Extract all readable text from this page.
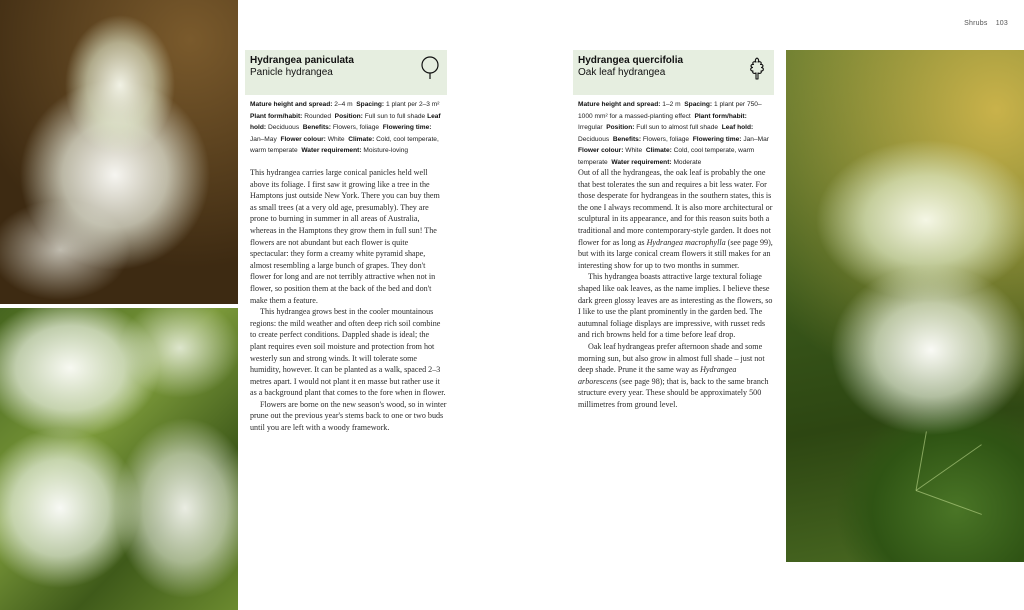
Shrubs 103
Hydrangea paniculata
Panicle hydrangea
Mature height and spread: 2–4 m Spacing: 1 plant per 2–3 m² Plant form/habit: Rounded Position: Full sun to full shade Leaf hold: Deciduous Benefits: Flowers, foliage Flowering time: Jan–May Flower colour: White Climate: Cold, cool temperate, warm temperate Water requirement: Moisture-loving

This hydrangea carries large conical panicles held well above its foliage. I first saw it growing like a tree in the Hamptons just outside New York. There you can buy them as small trees (at a very old age, presumably). They are prone to burning in summer in all areas of Australia, whereas in the Hamptons they grow them in full sun! The flowers are not abundant but each flower is quite spectacular: they form a creamy white pyramid shape, almost resembling a large bunch of grapes. They don't flower for long and are not terribly attractive when not in flower, so position them at the back of the bed and don't make them a feature.

This hydrangea grows best in the cooler mountainous regions: the mild weather and often deep rich soil combine to create perfect conditions. Dappled shade is ideal; the plant requires even soil moisture and protection from hot westerly sun and strong winds. It will tolerate some humidity, however. It can be planted as a walk, spaced 2–3 metres apart. I would not plant it en masse but rather use it as a background plant that comes to the fore when in flower.

Flowers are borne on the new season's wood, so in winter prune out the previous year's stems back to one or two buds until you are left with a woody framework.

Hydrangea quercifolia
Oak leaf hydrangea
Mature height and spread: 1–2 m Spacing: 1 plant per 750–1000 mm² for a massed-planting effect Plant form/habit: Irregular Position: Full sun to almost full shade Leaf hold: Deciduous Benefits: Flowers, foliage Flowering time: Jan–Mar Flower colour: White Climate: Cold, cool temperate, warm temperate Water requirement: Moderate

Out of all the hydrangeas, the oak leaf is probably the one that best tolerates the sun and requires a bit less water. For those desperate for hydrangeas in the southern states, this is the one I always recommend. It is also more architectural or sculptural in its appearance, and for this reason suits both a traditional and more contemporary-style garden. It does not flower for as long as Hydrangea macrophylla (see page 99), but with its large conical cream flowers it still makes for an interesting show for up to two months in summer.

This hydrangea boasts attractive large textural foliage shaped like oak leaves, as the name implies. I believe these dark green glossy leaves are as interesting as the flowers, so I like to use the plant prominently in the garden bed. The autumnal foliage displays are impressive, with russet reds and rich browns held for a time before leaf drop.

Oak leaf hydrangeas prefer afternoon shade and some morning sun, but also grow in almost full shade – just not deep shade. Prune it the same way as Hydrangea arborescens (see page 98); that is, back to the same branch structure every year. These should be approximately 500 millimetres from ground level.
